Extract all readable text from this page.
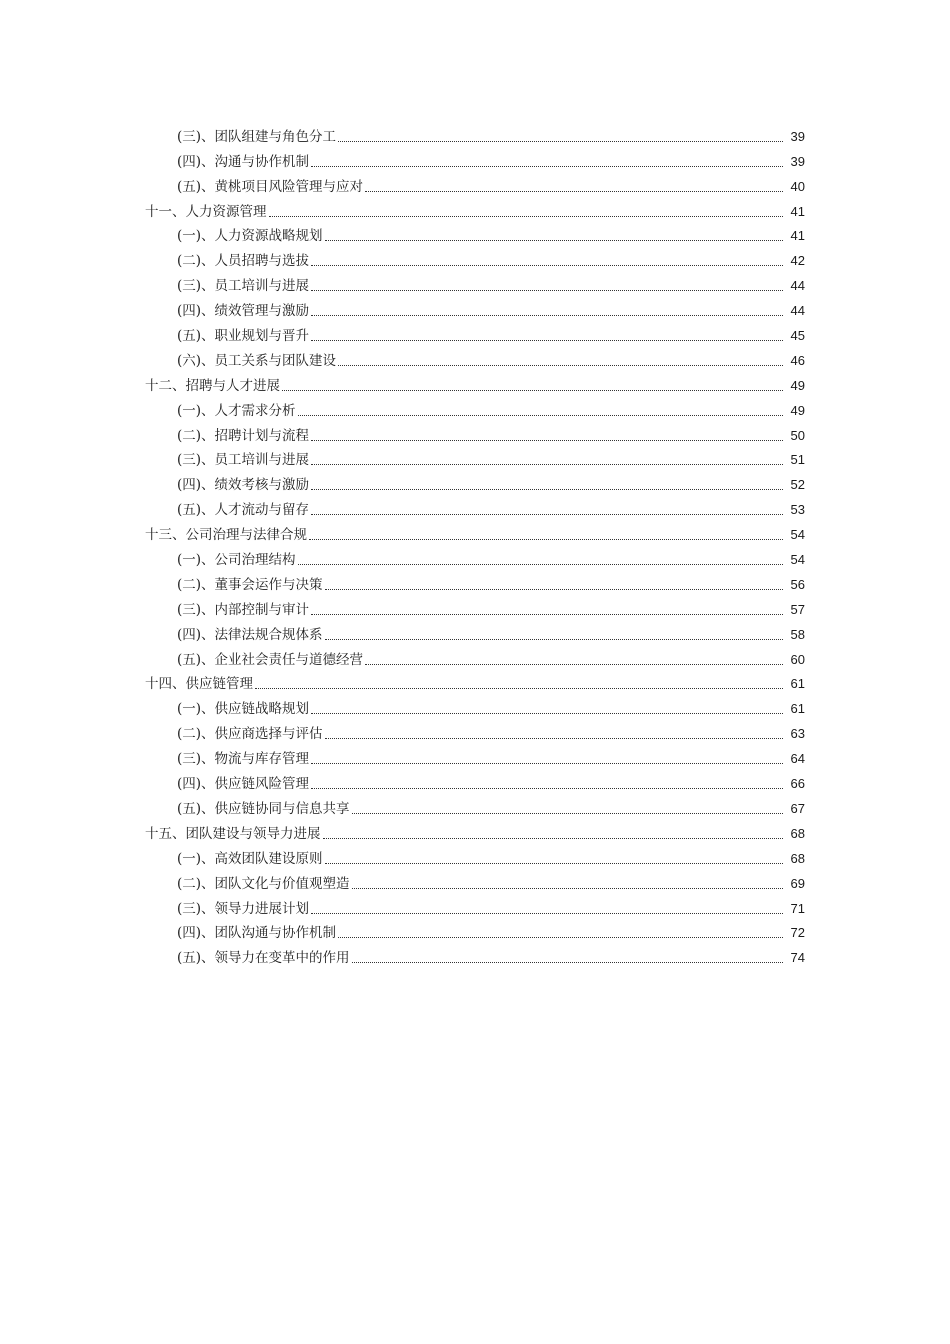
(三)、团队组建与角色分工	39
(四)、沟通与协作机制	39
(五)、黄桃项目风险管理与应对	40
十一、人力资源管理	41
(一)、人力资源战略规划	41
(二)、人员招聘与选拔	42
(三)、员工培训与进展	44
(四)、绩效管理与激励	44
(五)、职业规划与晋升	45
(六)、员工关系与团队建设	46
十二、招聘与人才进展	49
(一)、人才需求分析	49
(二)、招聘计划与流程	50
(三)、员工培训与进展	51
(四)、绩效考核与激励	52
(五)、人才流动与留存	53
十三、公司治理与法律合规	54
(一)、公司治理结构	54
(二)、董事会运作与决策	56
(三)、内部控制与审计	57
(四)、法律法规合规体系	58
(五)、企业社会责任与道德经营	60
十四、供应链管理	61
(一)、供应链战略规划	61
(二)、供应商选择与评估	63
(三)、物流与库存管理	64
(四)、供应链风险管理	66
(五)、供应链协同与信息共享	67
十五、团队建设与领导力进展	68
(一)、高效团队建设原则	68
(二)、团队文化与价值观塑造	69
(三)、领导力进展计划	71
(四)、团队沟通与协作机制	72
(五)、领导力在变革中的作用	74
